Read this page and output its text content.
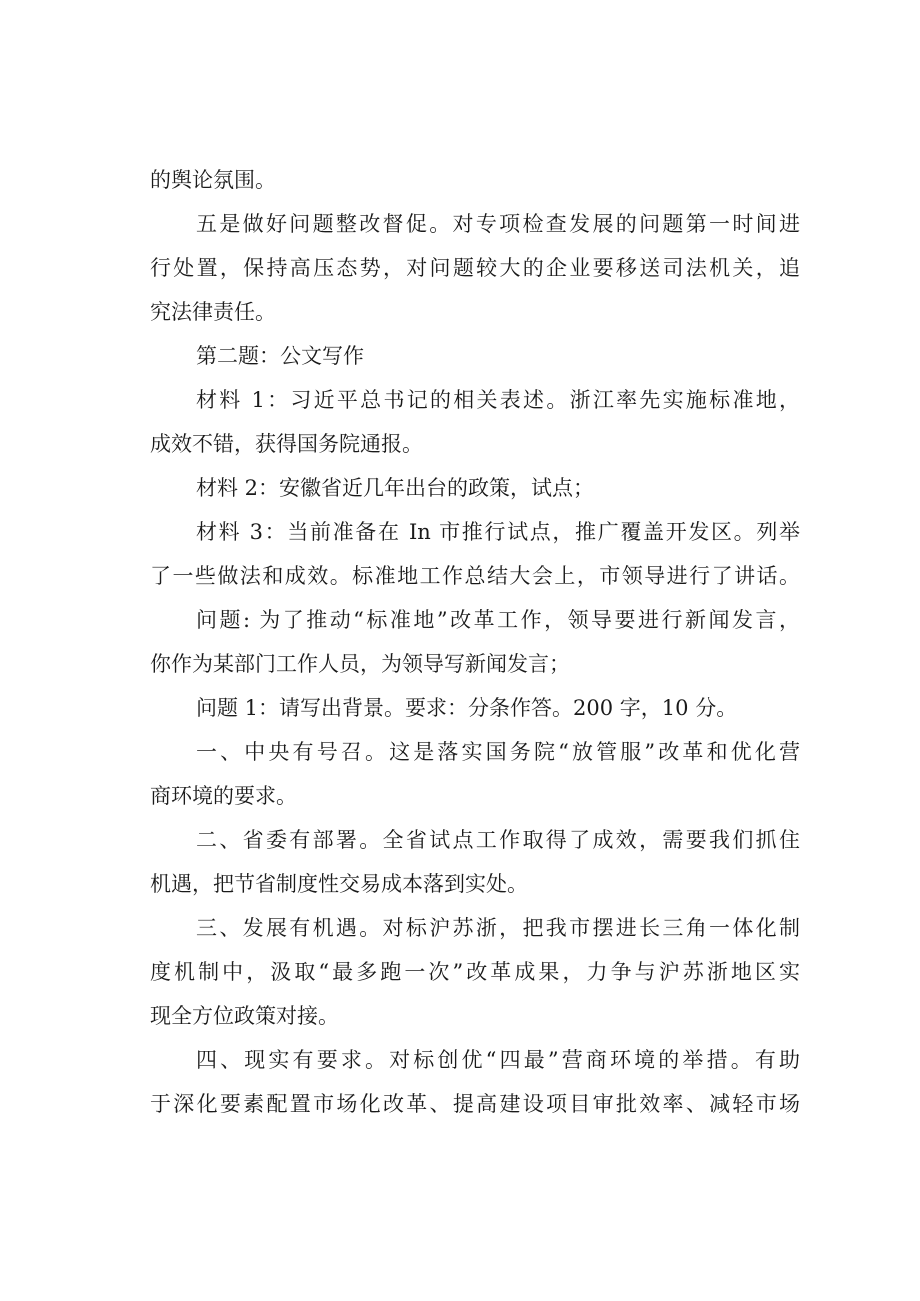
的舆论氛围。
五是做好问题整改督促。对专项检查发展的问题第一时间进
行处置，保持高压态势，对问题较大的企业要移送司法机关，追
究法律责任。
第二题：公文写作
材料 1：习近平总书记的相关表述。浙江率先实施标准地，
成效不错，获得国务院通报。
材料 2：安徽省近几年出台的政策，试点；
材料 3：当前准备在 In 市推行试点，推广覆盖开发区。列举
了一些做法和成效。标准地工作总结大会上，市领导进行了讲话。
问题: 为了推动“标准地”改革工作，领导要进行新闻发言，
你作为某部门工作人员，为领导写新闻发言；
问题 1：请写出背景。要求：分条作答。200 字，10 分。
一、中央有号召。这是落实国务院“放管服”改革和优化营
商环境的要求。
二、省委有部署。全省试点工作取得了成效，需要我们抓住
机遇，把节省制度性交易成本落到实处。
三、发展有机遇。对标沪苏浙，把我市摆进长三角一体化制
度机制中，汲取“最多跑一次”改革成果，力争与沪苏浙地区实
现全方位政策对接。
四、现实有要求。对标创优“四最”营商环境的举措。有助
于深化要素配置市场化改革、提高建设项目审批效率、减轻市场
